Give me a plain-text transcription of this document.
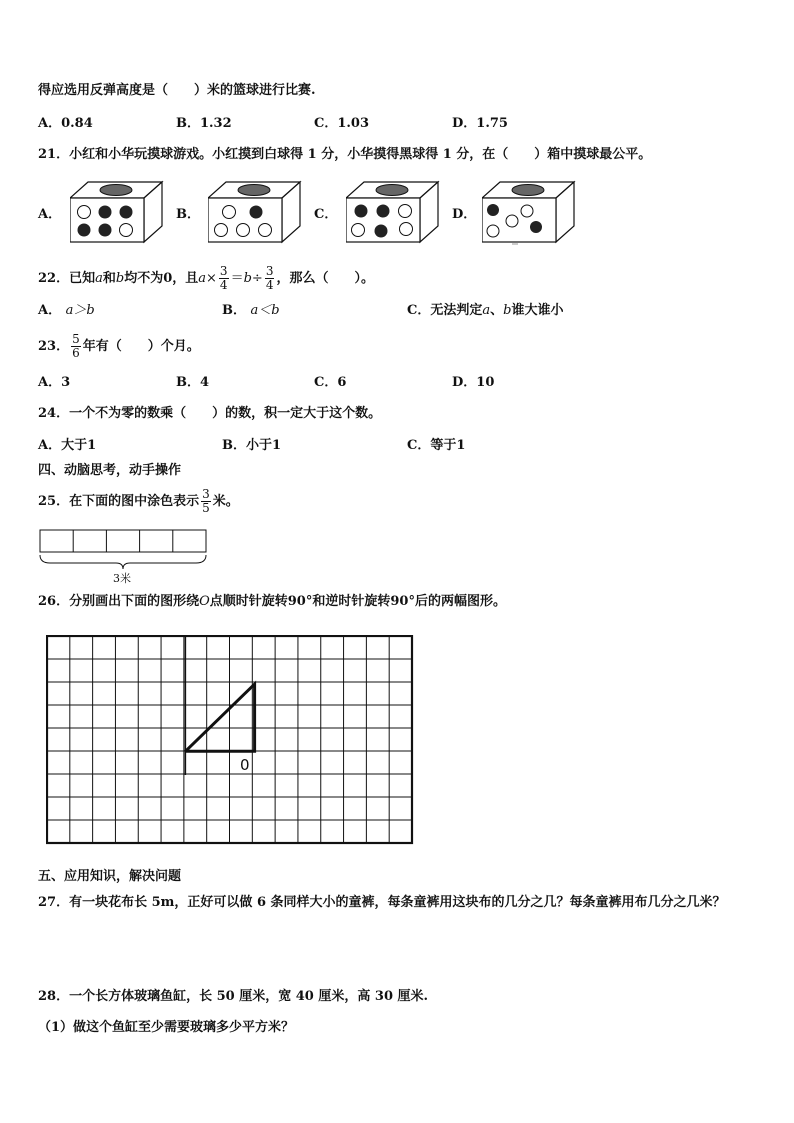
得应选用反弹高度是（　　）米的篮球进行比赛.
A．0.84	B．1.32	C．1.03	D．1.75
21．小红和小华玩摸球游戏。小红摸到白球得 1 分，小华摸得黑球得 1 分，在（　　）箱中摸球最公平。
A．	B．	C．	D．
22．已知a和b均不为0，且$a\times \frac{3}{4} =b\div \frac{3}{4}$ ，那么（　　）。
A． a＞b	B． a＜b	C．无法判定a、b谁大谁小
23． $\frac{5}{6}$ 年有（　　）个月。
A．3	B．4	C．6	D．10
24．一个不为零的数乘（　　）的数，积一定大于这个数。
A．大于1	B．小于1	C．等于1
四、动脑思考，动手操作
25．在下面的图中涂色表示 $\frac{3}{5}$ 米。
3米
26．分别画出下面的图形绕O点顺时针旋转90°和逆时针旋转90°后的两幅图形。
0
五、应用知识，解决问题
27．有一块花布长 5m，正好可以做 6 条同样大小的童裤，每条童裤用这块布的几分之几？每条童裤用布几分之几米？
28．一个长方体玻璃鱼缸，长 50 厘米，宽 40 厘米，高 30 厘米.
（1）做这个鱼缸至少需要玻璃多少平方米？
